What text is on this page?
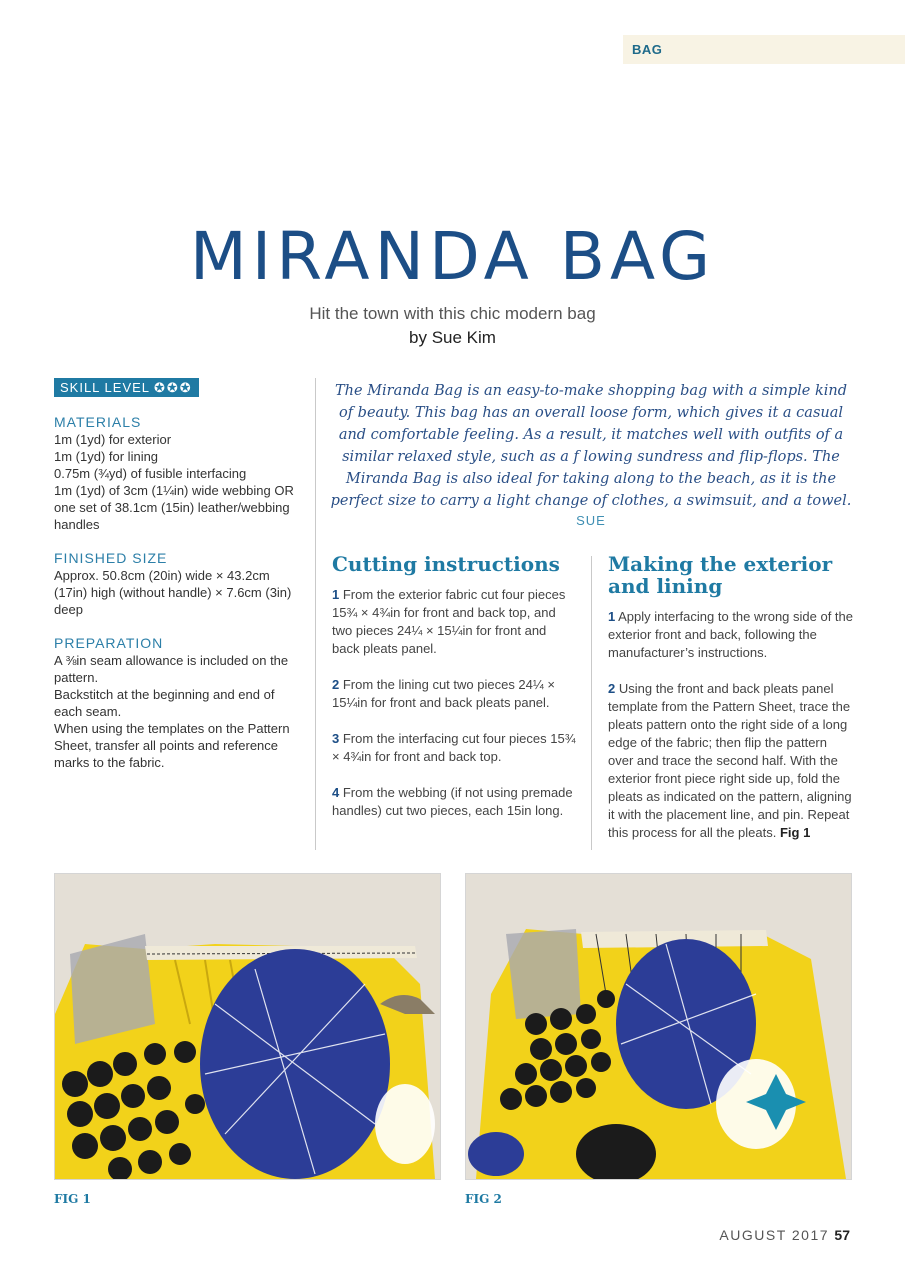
BAG
MIRANDA BAG
Hit the town with this chic modern bag
by Sue Kim
SKILL LEVEL ✪✪✪
MATERIALS

1m (1yd) for exterior

1m (1yd) for lining

0.75m (¾yd) of fusible interfacing

1m (1yd) of 3cm (1¼in) wide webbing OR one set of 38.1cm (15in) leather/webbing handles

FINISHED SIZE

Approx. 50.8cm (20in) wide × 43.2cm (17in) high (without handle) × 7.6cm (3in) deep

PREPARATION

A ⅜in seam allowance is included on the pattern.

Backstitch at the beginning and end of each seam.

When using the templates on the Pattern Sheet, transfer all points and reference marks to the fabric.

The Miranda Bag is an easy-to-make shopping bag with a simple kind of beauty. This bag has an overall loose form, which gives it a casual and comfortable feeling. As a result, it matches well with outfits of a similar relaxed style, such as a f lowing sundress and flip-flops. The Miranda Bag is also ideal for taking along to the beach, as it is the perfect size to carry a light change of clothes, a swimsuit, and a towel.
SUE
Cutting instructions

1 From the exterior fabric cut four pieces 15¾ × 4¾in for front and back top, and two pieces 24¼ × 15¼in for front and back pleats panel.

2 From the lining cut two pieces 24¼ × 15¼in for front and back pleats panel.

3 From the interfacing cut four pieces 15¾ × 4¾in for front and back top.

4 From the webbing (if not using premade handles) cut two pieces, each 15in long.

Making the exterior and lining

1 Apply interfacing to the wrong side of the exterior front and back, following the manufacturer’s instructions.

2 Using the front and back pleats panel template from the Pattern Sheet, trace the pleats pattern onto the right side of a long edge of the fabric; then flip the pattern over and trace the second half. With the exterior front piece right side up, fold the pleats as indicated on the pattern, aligning it with the placement line, and pin. Repeat this process for all the pleats. Fig 1

FIG 1	FIG 2
AUGUST 2017 57
